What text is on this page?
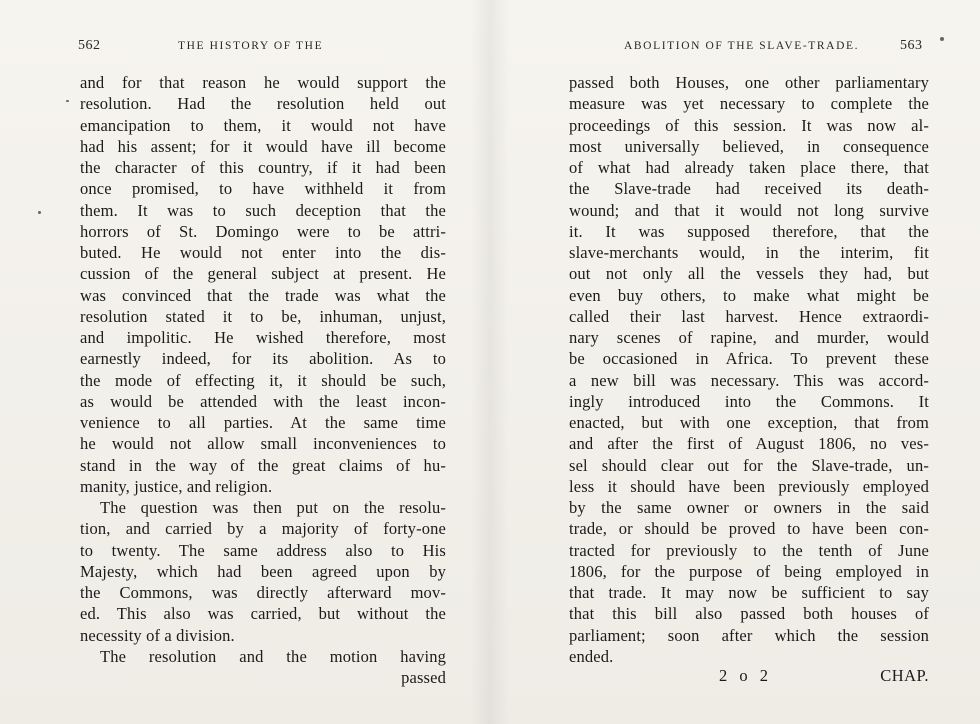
562	THE HISTORY OF THE
and for that reason he would support the
resolution. Had the resolution held out
emancipation to them, it would not have
had his assent; for it would have ill become
the character of this country, if it had been
once promised, to have withheld it from
them. It was to such deception that the
horrors of St. Domingo were to be attri-
buted. He would not enter into the dis-
cussion of the general subject at present. He
was convinced that the trade was what the
resolution stated it to be, inhuman, unjust,
and impolitic. He wished therefore, most
earnestly indeed, for its abolition. As to
the mode of effecting it, it should be such,
as would be attended with the least incon-
venience to all parties. At the same time
he would not allow small inconveniences to
stand in the way of the great claims of hu-
manity, justice, and religion.
The question was then put on the resolu-
tion, and carried by a majority of forty-one
to twenty. The same address also to His
Majesty, which had been agreed upon by
the Commons, was directly afterward mov-
ed. This also was carried, but without the
necessity of a division.
The resolution and the motion having
passed
ABOLITION OF THE SLAVE-TRADE.	563
passed both Houses, one other parliamentary
measure was yet necessary to complete the
proceedings of this session. It was now al-
most universally believed, in consequence
of what had already taken place there, that
the Slave-trade had received its death-
wound; and that it would not long survive
it. It was supposed therefore, that the
slave-merchants would, in the interim, fit
out not only all the vessels they had, but
even buy others, to make what might be
called their last harvest. Hence extraordi-
nary scenes of rapine, and murder, would
be occasioned in Africa. To prevent these
a new bill was necessary. This was accord-
ingly introduced into the Commons. It
enacted, but with one exception, that from
and after the first of August 1806, no ves-
sel should clear out for the Slave-trade, un-
less it should have been previously employed
by the same owner or owners in the said
trade, or should be proved to have been con-
tracted for previously to the tenth of June
1806, for the purpose of being employed in
that trade. It may now be sufficient to say
that this bill also passed both houses of
parliament; soon after which the session
ended.
2 o 2	CHAP.
